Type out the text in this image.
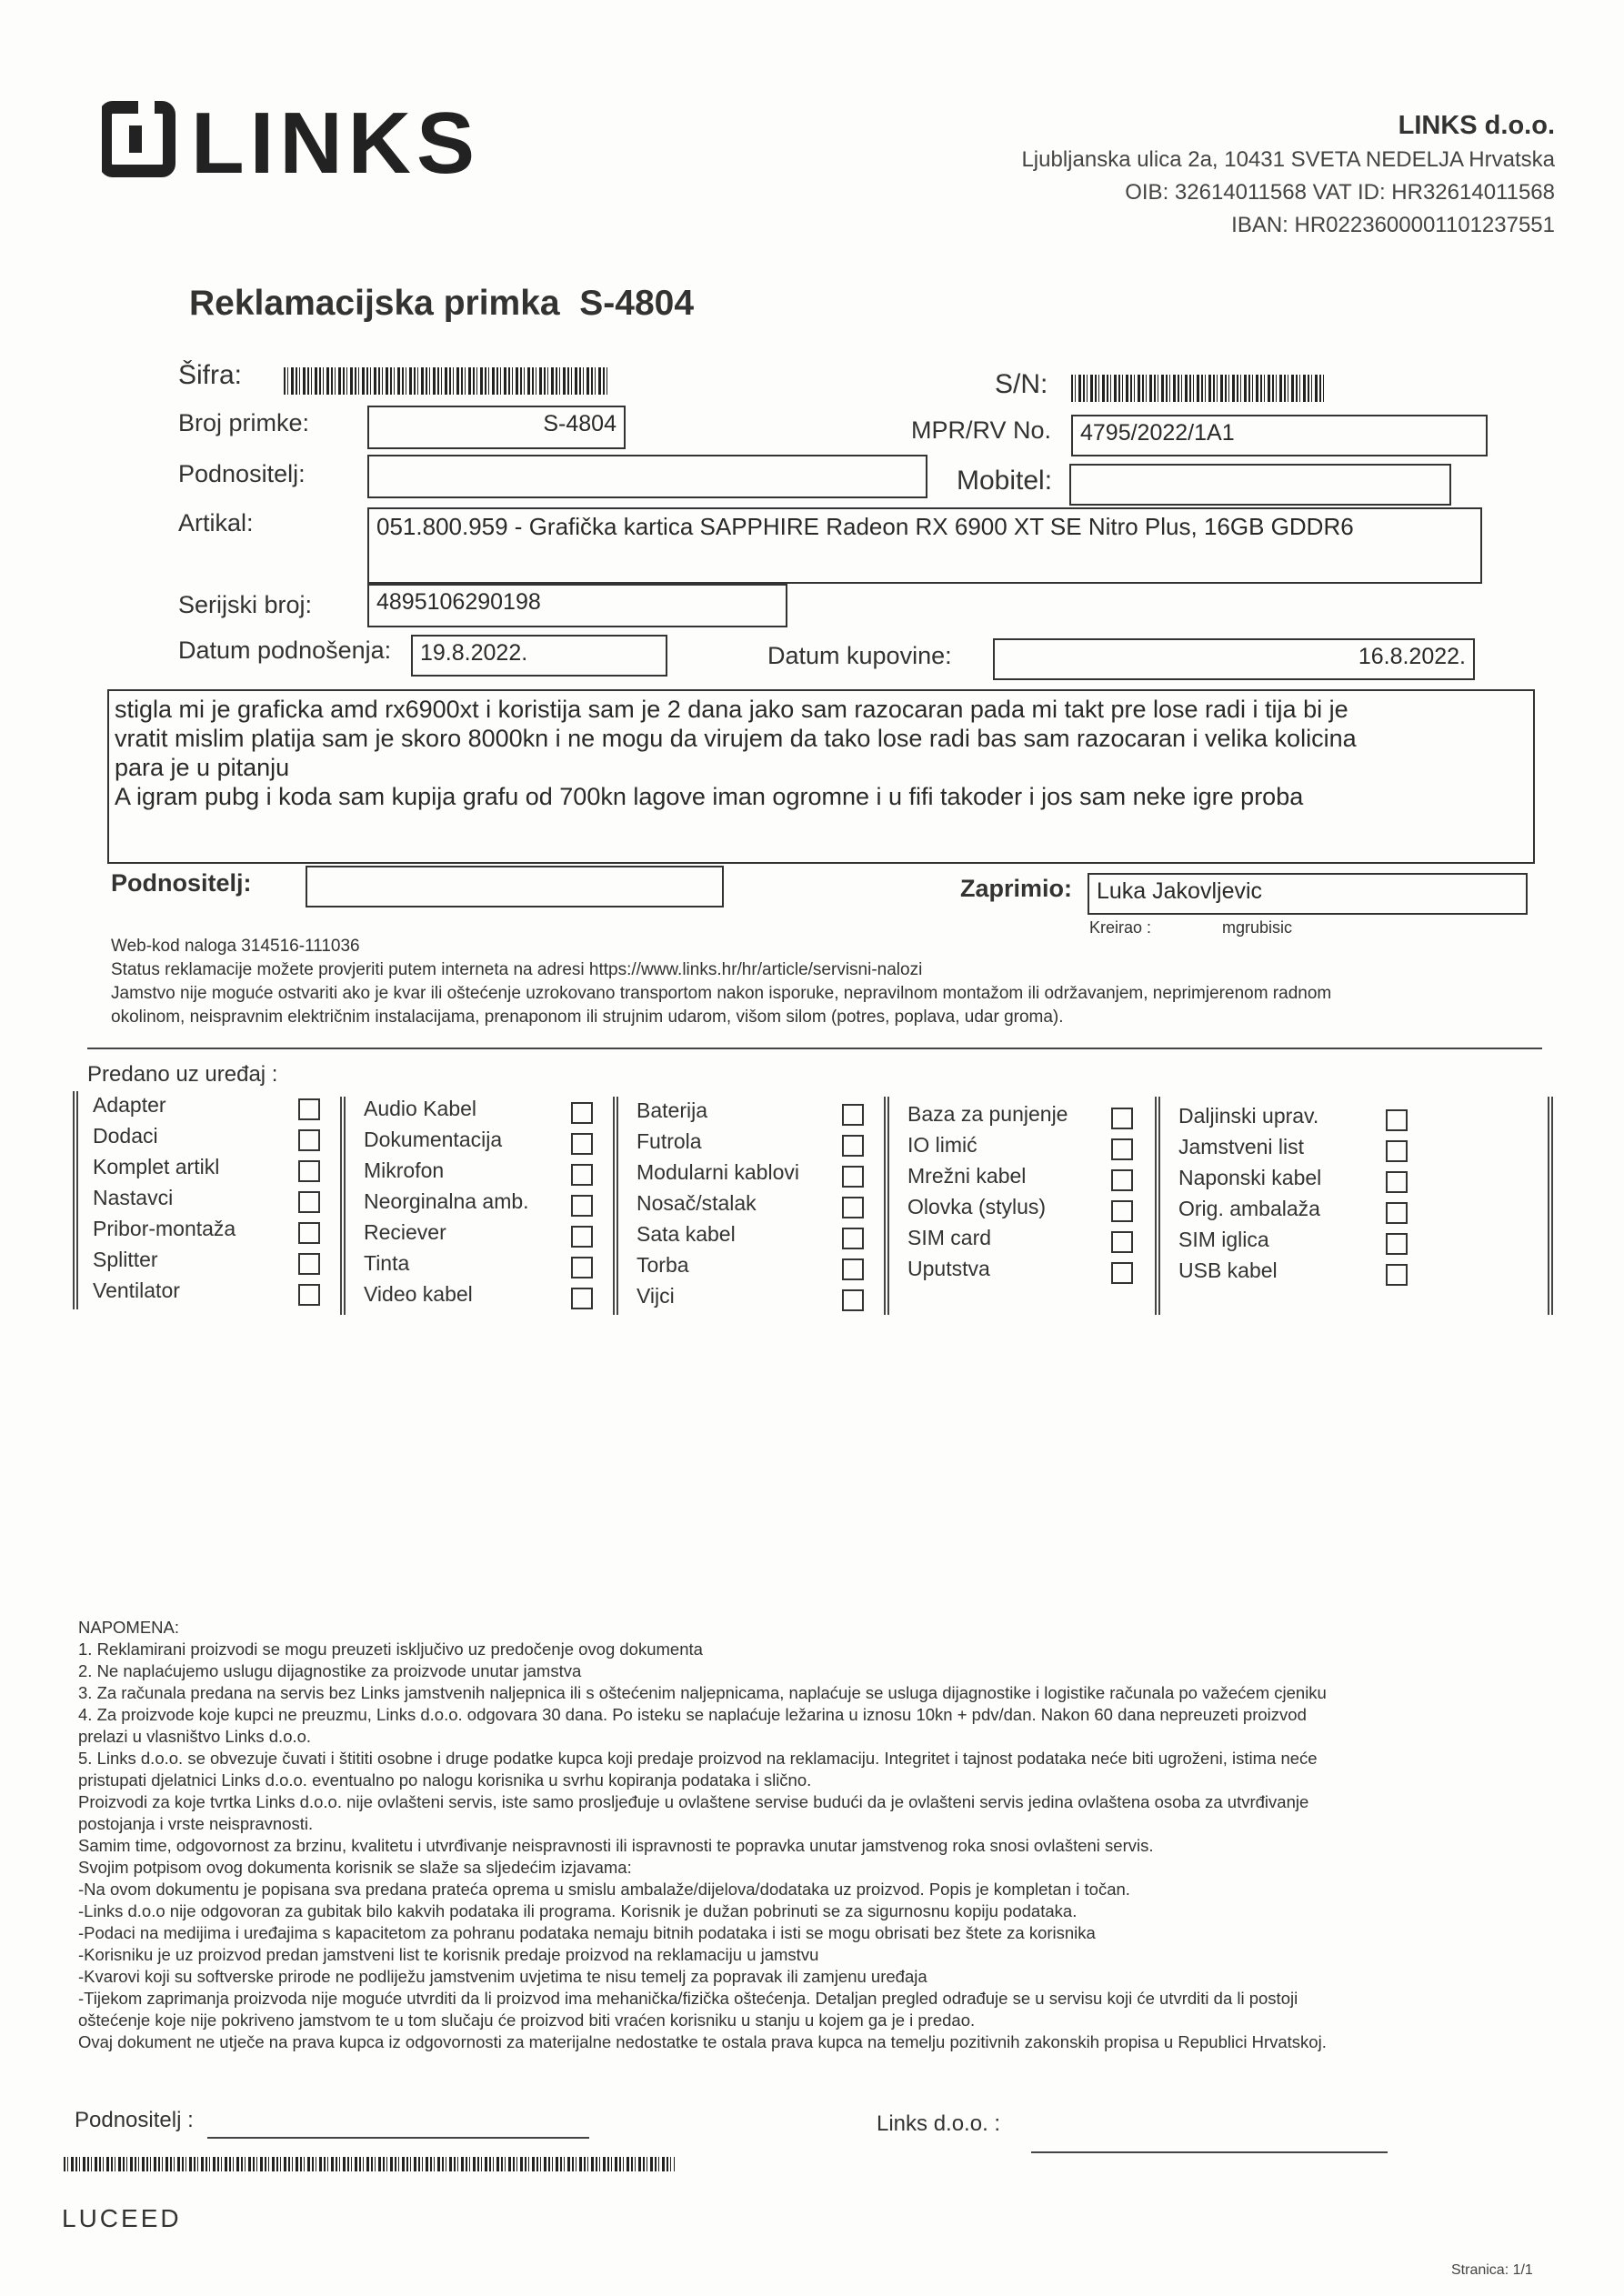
LINKS	LINKS d.o.o.
Ljubljanska ulica 2a, 10431 SVETA NEDELJA Hrvatska
OIB: 32614011568 VAT ID: HR32614011568
IBAN: HR0223600001101237551
Reklamacijska primka  S-4804
Šifra:	S/N:
Broj primke:	S-4804	MPR/RV No.	4795/2022/1A1
Podnositelj:	Mobitel:
Artikal:	051.800.959 - Grafička kartica SAPPHIRE Radeon RX 6900 XT SE Nitro Plus, 16GB GDDR6
Serijski broj:	4895106290198
Datum podnošenja:	19.8.2022.	Datum kupovine:	16.8.2022.
stigla mi je graficka amd rx6900xt i koristija sam je 2 dana jako sam razocaran pada mi takt pre lose radi i tija bi je
vratit mislim platija sam je skoro 8000kn i ne mogu da virujem da tako lose radi bas sam razocaran i velika kolicina
para je u pitanju
A igram pubg i koda sam kupija grafu od 700kn lagove iman ogromne i u fifi takoder i jos sam neke igre proba
Podnositelj:	Zaprimio:	Luka Jakovljevic
Kreirao :	mgrubisic
Web-kod naloga 314516-111036
Status reklamacije možete provjeriti putem interneta na adresi https://www.links.hr/hr/article/servisni-nalozi
Jamstvo nije moguće ostvariti ako je kvar ili oštećenje uzrokovano transportom nakon isporuke, nepravilnom montažom ili održavanjem, neprimjerenom radnom
okolinom, neispravnim električnim instalacijama, prenaponom ili strujnim udarom, višom silom (potres, poplava, udar groma).
Predano uz uređaj :
Adapter
Dodaci
Komplet artikl
Nastavci
Pribor-montaža
Splitter
Ventilator
Audio Kabel
Dokumentacija
Mikrofon
Neorginalna amb.
Reciever
Tinta
Video kabel
Baterija
Futrola
Modularni kablovi
Nosač/stalak
Sata kabel
Torba
Vijci
Baza za punjenje
IO limić
Mrežni kabel
Olovka (stylus)
SIM card
Uputstva
Daljinski uprav.
Jamstveni list
Naponski kabel
Orig. ambalaža
SIM iglica
USB kabel
NAPOMENA:
1. Reklamirani proizvodi se mogu preuzeti isključivo uz predočenje ovog dokumenta
2. Ne naplaćujemo uslugu dijagnostike za proizvode unutar jamstva
3. Za računala predana na servis bez Links jamstvenih naljepnica ili s oštećenim naljepnicama, naplaćuje se usluga dijagnostike i logistike računala po važećem cjeniku
4. Za proizvode koje kupci ne preuzmu, Links d.o.o. odgovara 30 dana. Po isteku se naplaćuje ležarina u iznosu 10kn + pdv/dan. Nakon 60 dana nepreuzeti proizvod
prelazi u vlasništvo Links d.o.o.
5. Links d.o.o. se obvezuje čuvati i štititi osobne i druge podatke kupca koji predaje proizvod na reklamaciju. Integritet i tajnost podataka neće biti ugroženi, istima neće
pristupati djelatnici Links d.o.o. eventualno po nalogu korisnika u svrhu kopiranja podataka i slično.
Proizvodi za koje tvrtka Links d.o.o. nije ovlašteni servis, iste samo prosljeđuje u ovlaštene servise budući da je ovlašteni servis jedina ovlaštena osoba za utvrđivanje
postojanja i vrste neispravnosti.
Samim time, odgovornost za brzinu, kvalitetu i utvrđivanje neispravnosti ili ispravnosti te popravka unutar jamstvenog roka snosi ovlašteni servis.
Svojim potpisom ovog dokumenta korisnik se slaže sa sljedećim izjavama:
-Na ovom dokumentu je popisana sva predana prateća oprema u smislu ambalaže/dijelova/dodataka uz proizvod. Popis je kompletan i točan.
-Links d.o.o nije odgovoran za gubitak bilo kakvih podataka ili programa. Korisnik je dužan pobrinuti se za sigurnosnu kopiju podataka.
-Podaci na medijima i uređajima s kapacitetom za pohranu podataka nemaju bitnih podataka i isti se mogu obrisati bez štete za korisnika
-Korisniku je uz proizvod predan jamstveni list te korisnik predaje proizvod na reklamaciju u jamstvu
-Kvarovi koji su softverske prirode ne podliježu jamstvenim uvjetima te nisu temelj za popravak ili zamjenu uređaja
-Tijekom zaprimanja proizvoda nije moguće utvrditi da li proizvod ima mehanička/fizička oštećenja. Detaljan pregled odrađuje se u servisu koji će utvrditi da li postoji
oštećenje koje nije pokriveno jamstvom te u tom slučaju će proizvod biti vraćen korisniku u stanju u kojem ga je i predao.
Ovaj dokument ne utječe na prava kupca iz odgovornosti za materijalne nedostatke te ostala prava kupca na temelju pozitivnih zakonskih propisa u Republici Hrvatskoj.
Podnositelj :	Links d.o.o. :
LUCEED
Stranica: 1/1
